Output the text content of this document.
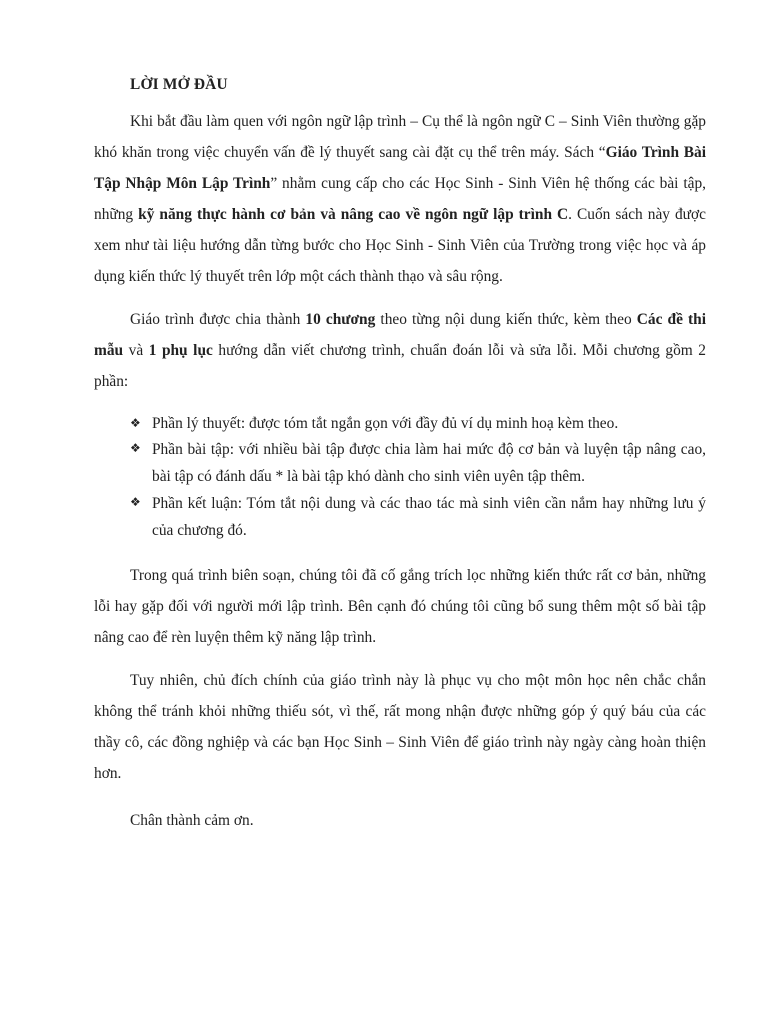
LỜI MỞ ĐẦU

Khi bắt đầu làm quen với ngôn ngữ lập trình – Cụ thể là ngôn ngữ C – Sinh Viên thường gặp khó khăn trong việc chuyển vấn đề lý thuyết sang cài đặt cụ thể trên máy. Sách “Giáo Trình Bài Tập Nhập Môn Lập Trình” nhằm cung cấp cho các Học Sinh - Sinh Viên hệ thống các bài tập, những kỹ năng thực hành cơ bản và nâng cao về ngôn ngữ lập trình C. Cuốn sách này được xem như tài liệu hướng dẫn từng bước cho Học Sinh - Sinh Viên của Trường trong việc học và áp dụng kiến thức lý thuyết trên lớp một cách thành thạo và sâu rộng.

Giáo trình được chia thành 10 chương theo từng nội dung kiến thức, kèm theo Các đề thi mẫu và 1 phụ lục hướng dẫn viết chương trình, chuẩn đoán lỗi và sửa lỗi. Mỗi chương gồm 2 phần:

❖ Phần lý thuyết: được tóm tắt ngắn gọn với đầy đủ ví dụ minh hoạ kèm theo.
❖ Phần bài tập: với nhiều bài tập được chia làm hai mức độ cơ bản và luyện tập nâng cao, bài tập có đánh dấu * là bài tập khó dành cho sinh viên uyên tập thêm.
❖ Phần kết luận: Tóm tắt nội dung và các thao tác mà sinh viên cần nắm hay những lưu ý của chương đó.

Trong quá trình biên soạn, chúng tôi đã cố gắng trích lọc những kiến thức rất cơ bản, những lỗi hay gặp đối với người mới lập trình. Bên cạnh đó chúng tôi cũng bổ sung thêm một số bài tập nâng cao để rèn luyện thêm kỹ năng lập trình.

Tuy nhiên, chủ đích chính của giáo trình này là phục vụ cho một môn học nên chắc chắn không thể tránh khỏi những thiếu sót, vì thế, rất mong nhận được những góp ý quý báu của các thầy cô, các đồng nghiệp và các bạn Học Sinh – Sinh Viên để giáo trình này ngày càng hoàn thiện hơn.

Chân thành cảm ơn.
